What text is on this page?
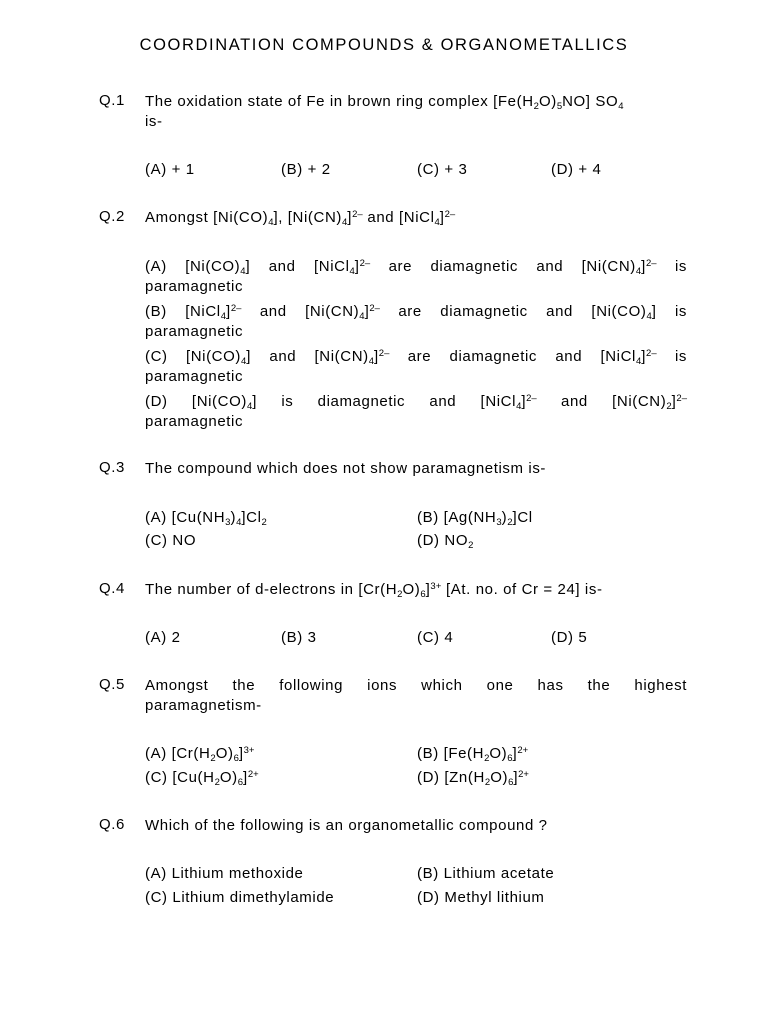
COORDINATION COMPOUNDS & ORGANOMETALLICS
Q.1 The oxidation state of Fe in brown ring complex $[Fe(H_2O)_5NO]$ $SO_4$
is-
(A) + 1	(B) + 2	(C) + 3	(D) + 4
Q.2 Amongst $[Ni(CO)_4]$, $[Ni(CN)_4]^{2-}$ and [NiCl$_4$]$^{2-}$
(A) $[Ni(CO)_4]$ and [NiCl$_4$]$^{2-}$ are diamagnetic and $[Ni(CN)_4]^{2-}$ is
paramagnetic
(B) [NiCl$_4$]$^{2-}$ and $[Ni(CN)_4]^{2-}$ are diamagnetic and $[Ni(CO)_4]$ is
paramagnetic
(C) $[Ni(CO)_4]$ and $[Ni(CN)_4]^{2-}$ are diamagnetic and [NiCl$_4$]$^{2-}$ is
paramagnetic
(D) $[Ni(CO)_4]$ is diamagnetic and [NiCl$_4$]$^{2-}$ and $[Ni(CN)_2]^{2-}$
paramagnetic
Q.3 The compound which does not show paramagnetism is-
(A) $[Cu(NH_3)_4]Cl_2$	(B) $[Ag(NH_3)_2]Cl$
(C) NO	(D) $NO_2$
Q.4 The number of d-electrons in $[Cr(H_2O)_6]^{3+}$ [At. no. of Cr = 24] is-
(A) 2	(B) 3	(C) 4	(D) 5
Q.5 Amongst the following ions which one has the highest
paramagnetism-
(A) $[Cr(H_2O)_6]^{3+}$	(B) $[Fe(H_2O)_6]^{2+}$
(C) $[Cu(H_2O)_6]^{2+}$	(D) $[Zn(H_2O)_6]^{2+}$
Q.6 Which of the following is an organometallic compound ?
(A) Lithium methoxide	(B) Lithium acetate
(C) Lithium dimethylamide	(D) Methyl lithium
